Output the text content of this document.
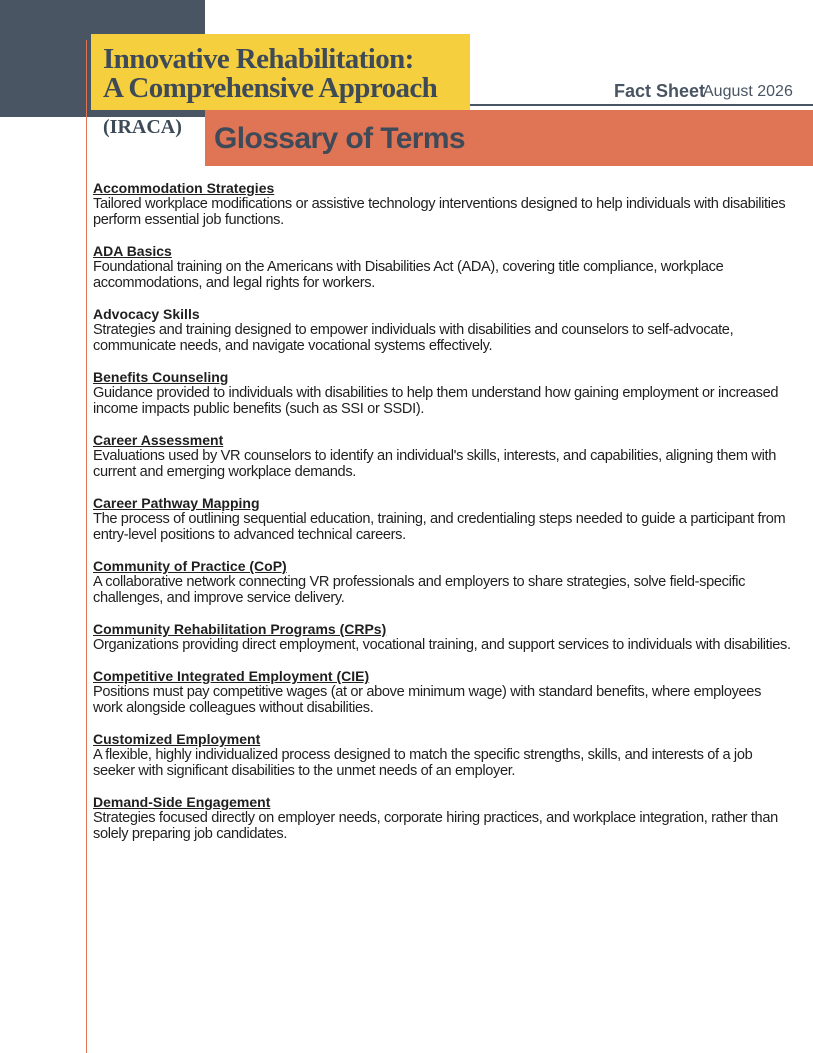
Innovative Rehabilitation:
A Comprehensive Approach
(IRACA) Glossary of Terms
Fact Sheet
August 2026

Accommodation Strategies

Tailored workplace modifications or assistive technology interventions designed to help individuals with disabilities perform essential job functions.

ADA Basics

Foundational training on the Americans with Disabilities Act (ADA), covering title compliance, workplace accommodations, and legal rights for workers.

Advocacy Skills

Strategies and training designed to empower individuals with disabilities and counselors to self-advocate, communicate needs, and navigate vocational systems effectively.

Benefits Counseling

Guidance provided to individuals with disabilities to help them understand how gaining employment or increased income impacts public benefits (such as SSI or SSDI).

Career Assessment

Evaluations used by VR counselors to identify an individual's skills, interests, and capabilities, aligning them with current and emerging workplace demands.

Career Pathway Mapping

The process of outlining sequential education, training, and credentialing steps needed to guide a participant from entry-level positions to advanced technical careers.

Community of Practice (CoP)

A collaborative network connecting VR professionals and employers to share strategies, solve field-specific challenges, and improve service delivery.

Community Rehabilitation Programs (CRPs)

Organizations providing direct employment, vocational training, and support services to individuals with disabilities.

Competitive Integrated Employment (CIE)

Positions must pay competitive wages (at or above minimum wage) with standard benefits, where employees work alongside colleagues without disabilities.

Customized Employment

A flexible, highly individualized process designed to match the specific strengths, skills, and interests of a job seeker with significant disabilities to the unmet needs of an employer.

Demand-Side Engagement

Strategies focused directly on employer needs, corporate hiring practices, and workplace integration, rather than solely preparing job candidates.
